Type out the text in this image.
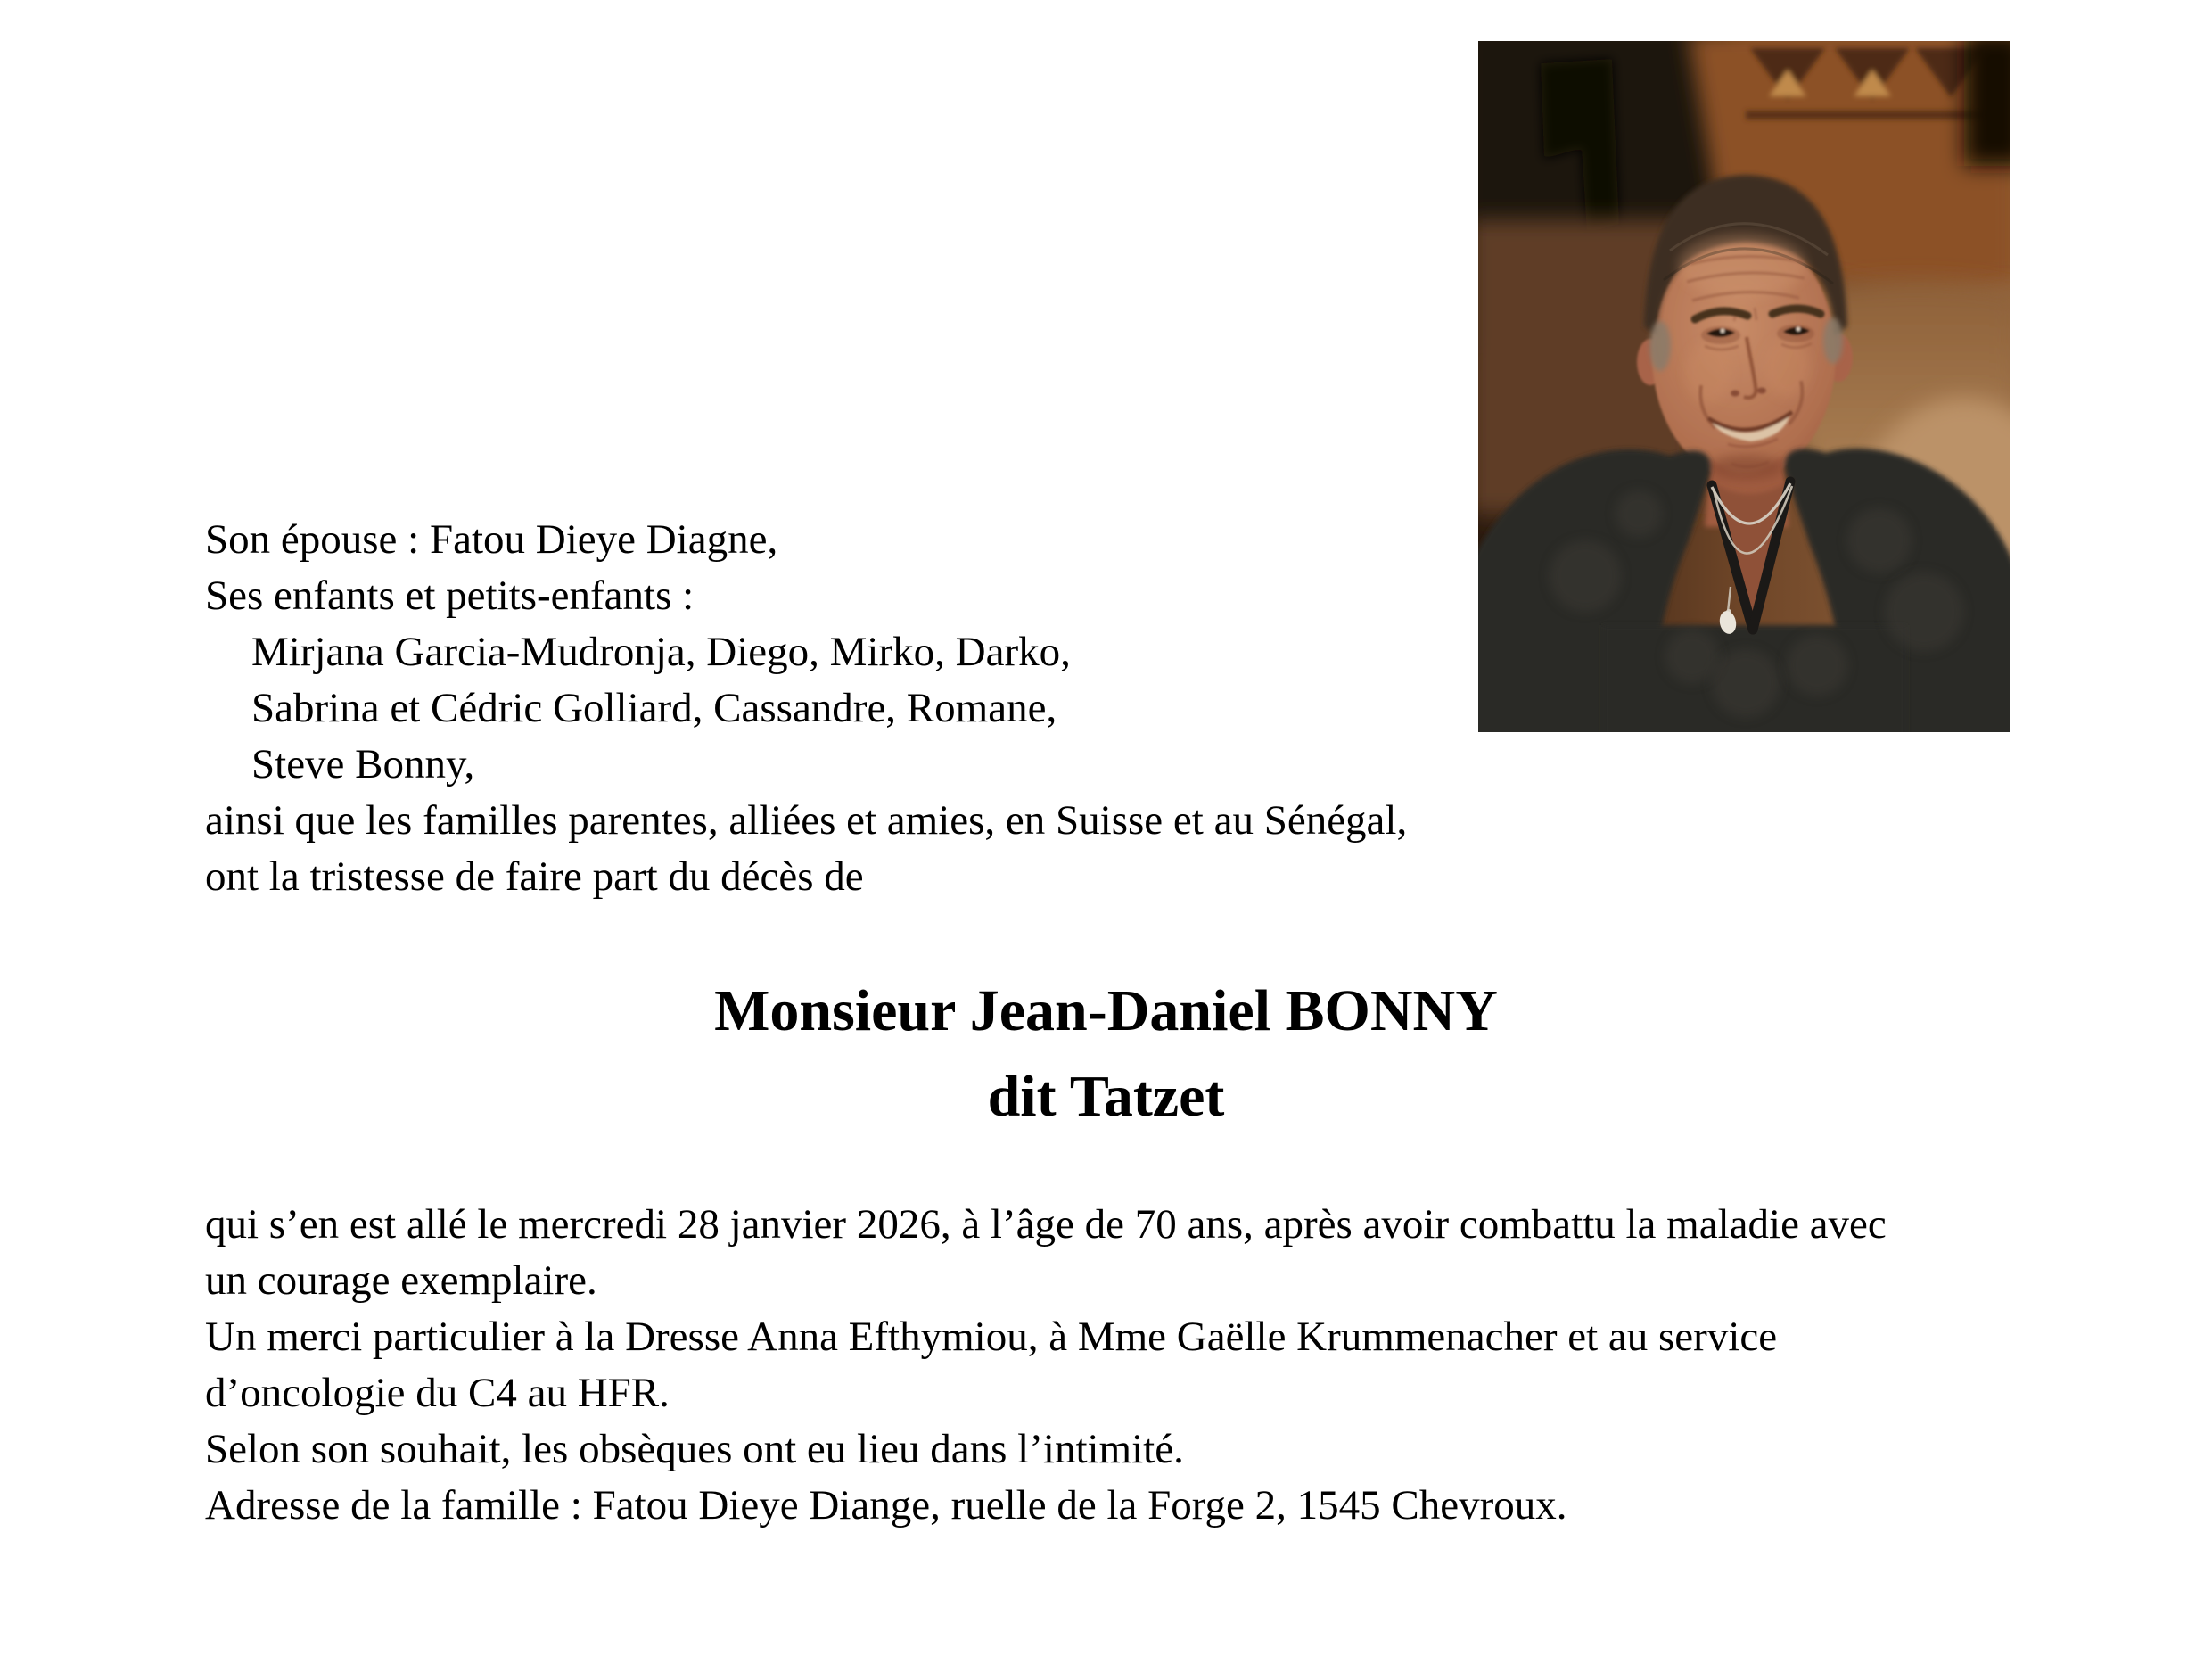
Son épouse : Fatou Dieye Diagne,
Ses enfants et petits-enfants :
Mirjana Garcia-Mudronja, Diego, Mirko, Darko,
Sabrina et Cédric Golliard, Cassandre, Romane,
Steve Bonny,
ainsi que les familles parentes, alliées et amies, en Suisse et au Sénégal,
ont la tristesse de faire part du décès de
Monsieur Jean-Daniel BONNY
dit Tatzet
qui s’en est allé le mercredi 28 janvier 2026, à l’âge de 70 ans, après avoir combattu la maladie avec
un courage exemplaire.
Un merci particulier à la Dresse Anna Efthymiou, à Mme Gaëlle Krummenacher et au service
d’oncologie du C4 au HFR.
Selon son souhait, les obsèques ont eu lieu dans l’intimité.
Adresse de la famille : Fatou Dieye Diange, ruelle de la Forge 2, 1545 Chevroux.
